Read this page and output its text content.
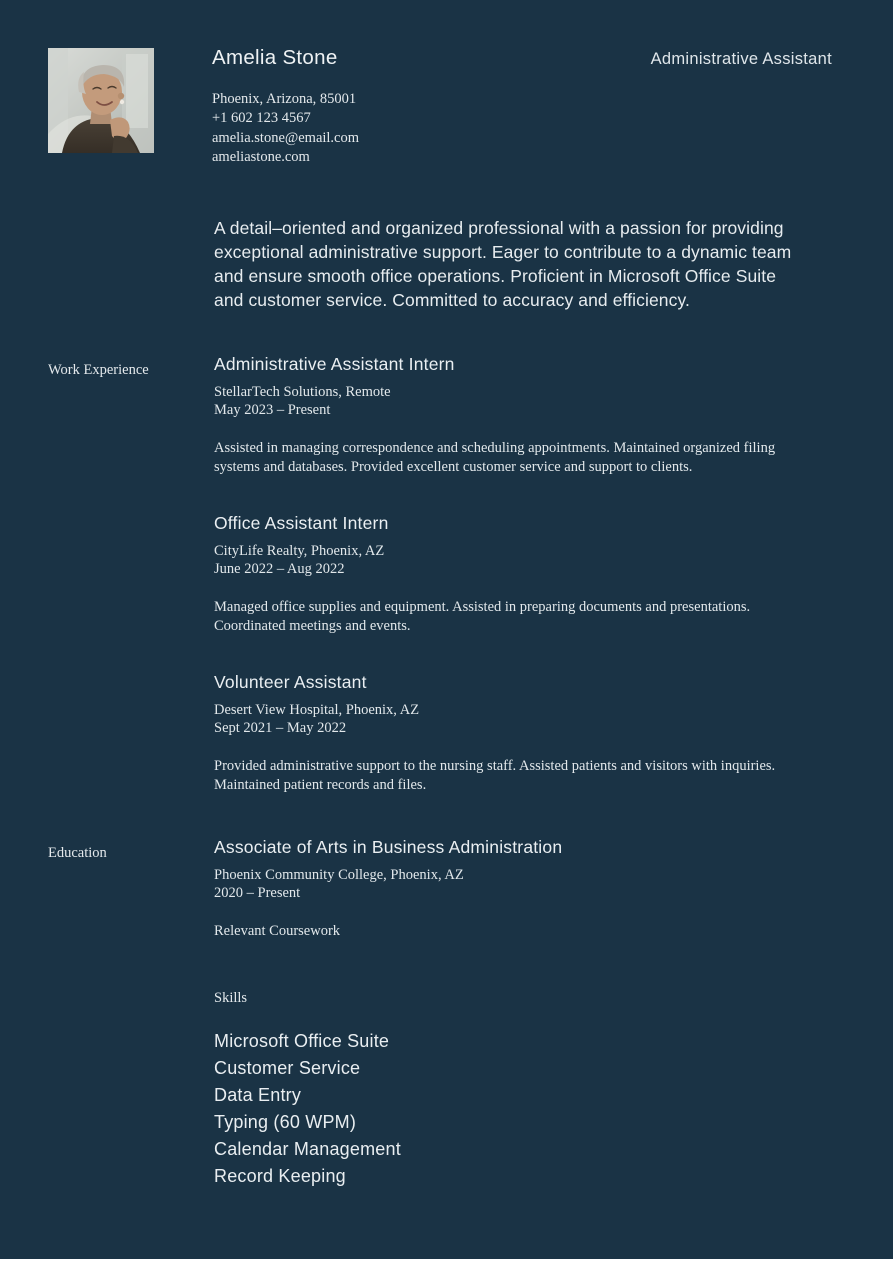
Amelia Stone	Administrative Assistant
Phoenix, Arizona, 85001
+1 602 123 4567
amelia.stone@email.com
ameliastone.com
A detail–oriented and organized professional with a passion for providing exceptional administrative support. Eager to contribute to a dynamic team and ensure smooth office operations. Proficient in Microsoft Office Suite and customer service. Committed to accuracy and efficiency.
Work Experience	Administrative Assistant Intern
StellarTech Solutions, Remote
May 2023 – Present
Assisted in managing correspondence and scheduling appointments. Maintained organized filing systems and databases. Provided excellent customer service and support to clients.
Office Assistant Intern
CityLife Realty, Phoenix, AZ
June 2022 – Aug 2022
Managed office supplies and equipment. Assisted in preparing documents and presentations. Coordinated meetings and events.
Volunteer Assistant
Desert View Hospital, Phoenix, AZ
Sept 2021 – May 2022
Provided administrative support to the nursing staff. Assisted patients and visitors with inquiries. Maintained patient records and files.
Education	Associate of Arts in Business Administration
Phoenix Community College, Phoenix, AZ
2020 – Present
Relevant Coursework
Skills
Microsoft Office Suite
Customer Service
Data Entry
Typing (60 WPM)
Calendar Management
Record Keeping
